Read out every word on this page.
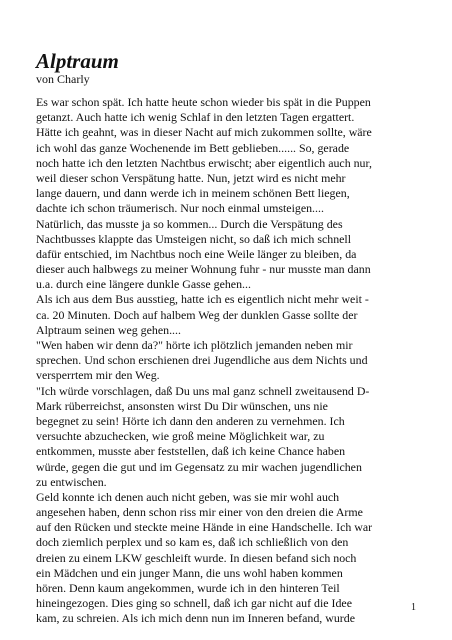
Alptraum

von Charly

Es war schon spät. Ich hatte heute schon wieder bis spät in die Puppen
getanzt. Auch hatte ich wenig Schlaf in den letzten Tagen ergattert.
Hätte ich geahnt, was in dieser Nacht auf mich zukommen sollte, wäre
ich wohl das ganze Wochenende im Bett geblieben...... So, gerade
noch hatte ich den letzten Nachtbus erwischt; aber eigentlich auch nur,
weil dieser schon Verspätung hatte. Nun, jetzt wird es nicht mehr
lange dauern, und dann werde ich in meinem schönen Bett liegen,
dachte ich schon träumerisch. Nur noch einmal umsteigen....
Natürlich, das musste ja so kommen... Durch die Verspätung des
Nachtbusses klappte das Umsteigen nicht, so daß ich mich schnell
dafür entschied, im Nachtbus noch eine Weile länger zu bleiben, da
dieser auch halbwegs zu meiner Wohnung fuhr - nur musste man dann
u.a. durch eine längere dunkle Gasse gehen...
Als ich aus dem Bus ausstieg, hatte ich es eigentlich nicht mehr weit -
ca. 20 Minuten. Doch auf halbem Weg der dunklen Gasse sollte der
Alptraum seinen weg gehen....
"Wen haben wir denn da?" hörte ich plötzlich jemanden neben mir
sprechen. Und schon erschienen drei Jugendliche aus dem Nichts und
versperrtem mir den Weg.
"Ich würde vorschlagen, daß Du uns mal ganz schnell zweitausend D-
Mark rüberreichst, ansonsten wirst Du Dir wünschen, uns nie
begegnet zu sein! Hörte ich dann den anderen zu vernehmen. Ich
versuchte abzuchecken, wie groß meine Möglichkeit war, zu
entkommen, musste aber feststellen, daß ich keine Chance haben
würde, gegen die gut und im Gegensatz zu mir wachen jugendlichen
zu entwischen.
Geld konnte ich denen auch nicht geben, was sie mir wohl auch
angesehen haben, denn schon riss mir einer von den dreien die Arme
auf den Rücken und steckte meine Hände in eine Handschelle. Ich war
doch ziemlich perplex und so kam es, daß ich schließlich von den
dreien zu einem LKW geschleift wurde. In diesen befand sich noch
ein Mädchen und ein junger Mann, die uns wohl haben kommen
hören. Denn kaum angekommen, wurde ich in den hinteren Teil
hineingezogen. Dies ging so schnell, daß ich gar nicht auf die Idee
kam, zu schreien. Als ich mich denn nun im Inneren befand, wurde
1
